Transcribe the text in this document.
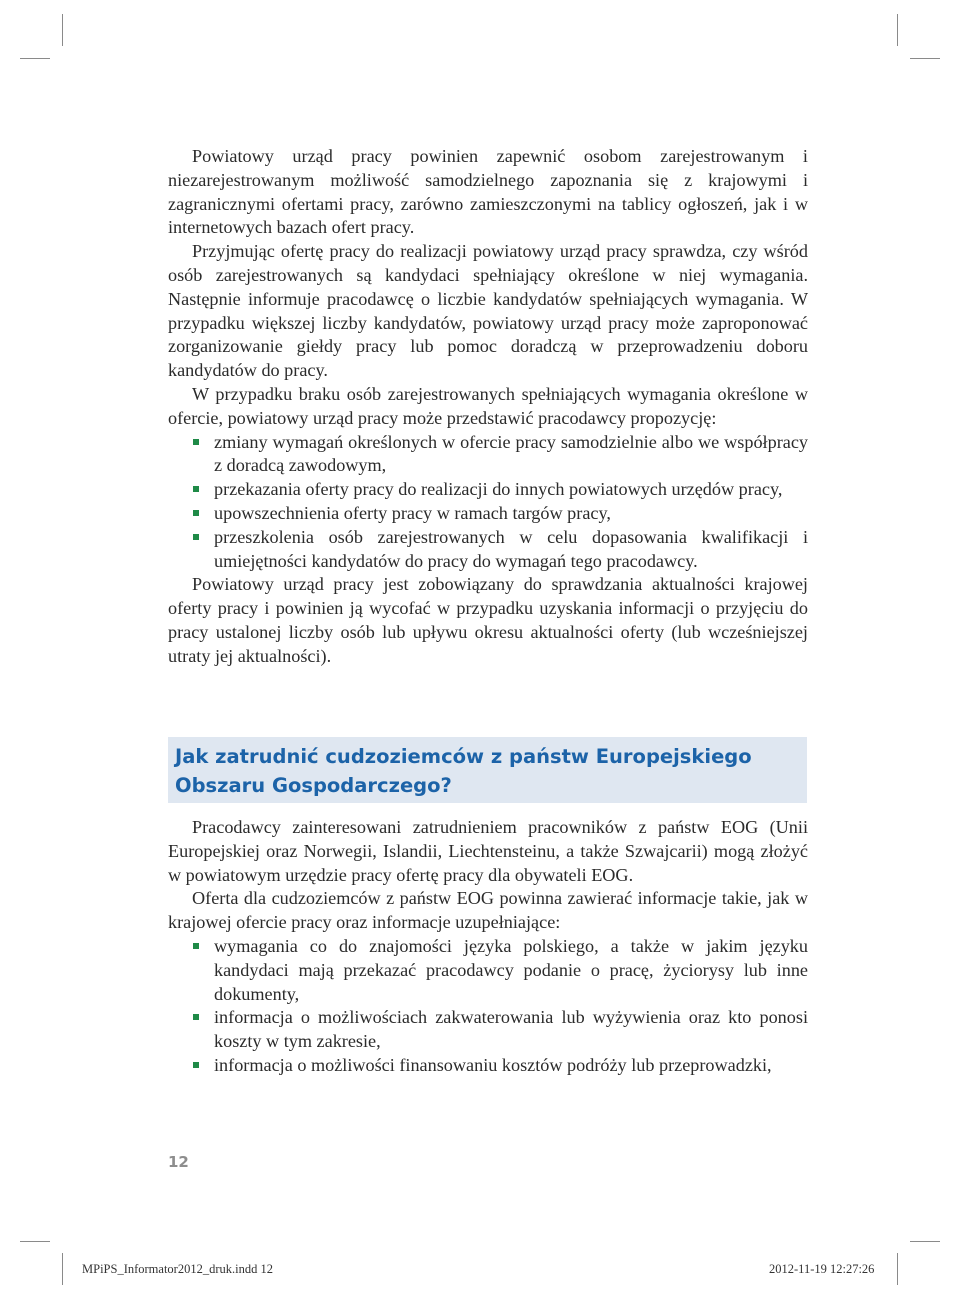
Powiatowy urząd pracy powinien zapewnić osobom zarejestrowanym i niezarejestrowanym możliwość samodzielnego zapoznania się z krajowymi i zagranicznymi ofertami pracy, zarówno zamieszczonymi na tablicy ogłoszeń, jak i w internetowych bazach ofert pracy.

Przyjmując ofertę pracy do realizacji powiatowy urząd pracy sprawdza, czy wśród osób zarejestrowanych są kandydaci spełniający określone w niej wymagania. Następnie informuje pracodawcę o liczbie kandydatów spełniających wymagania. W przypadku większej liczby kandydatów, powiatowy urząd pracy może zaproponować zorganizowanie giełdy pracy lub pomoc doradczą w przeprowadzeniu doboru kandydatów do pracy.

W przypadku braku osób zarejestrowanych spełniających wymagania określone w ofercie, powiatowy urząd pracy może przedstawić pracodawcy propozycję:

zmiany wymagań określonych w ofercie pracy samodzielnie albo we współpracy z doradcą zawodowym,
przekazania oferty pracy do realizacji do innych powiatowych urzędów pracy,
upowszechnienia oferty pracy w ramach targów pracy,
przeszkolenia osób zarejestrowanych w celu dopasowania kwalifikacji i umiejętności kandydatów do pracy do wymagań tego pracodawcy.

Powiatowy urząd pracy jest zobowiązany do sprawdzania aktualności krajowej oferty pracy i powinien ją wycofać w przypadku uzyskania informacji o przyjęciu do pracy ustalonej liczby osób lub upływu okresu aktualności oferty (lub wcześniejszej utraty jej aktualności).

Jak zatrudnić cudzoziemców z państw Europejskiego
Obszaru Gospodarczego?

Pracodawcy zainteresowani zatrudnieniem pracowników z państw EOG (Unii Europejskiej oraz Norwegii, Islandii, Liechtensteinu, a także Szwajcarii) mogą złożyć w powiatowym urzędzie pracy ofertę pracy dla obywateli EOG.

Oferta dla cudzoziemców z państw EOG powinna zawierać informacje takie, jak w krajowej ofercie pracy oraz informacje uzupełniające:

wymagania co do znajomości języka polskiego, a także w jakim języku kandydaci mają przekazać pracodawcy podanie o pracę, życiorysy lub inne dokumenty,
informacja o możliwościach zakwaterowania lub wyżywienia oraz kto ponosi koszty w tym zakresie,
informacja o możliwości finansowaniu kosztów podróży lub przeprowadzki,
12
MPiPS_Informator2012_druk.indd 12	2012-11-19 12:27:26
